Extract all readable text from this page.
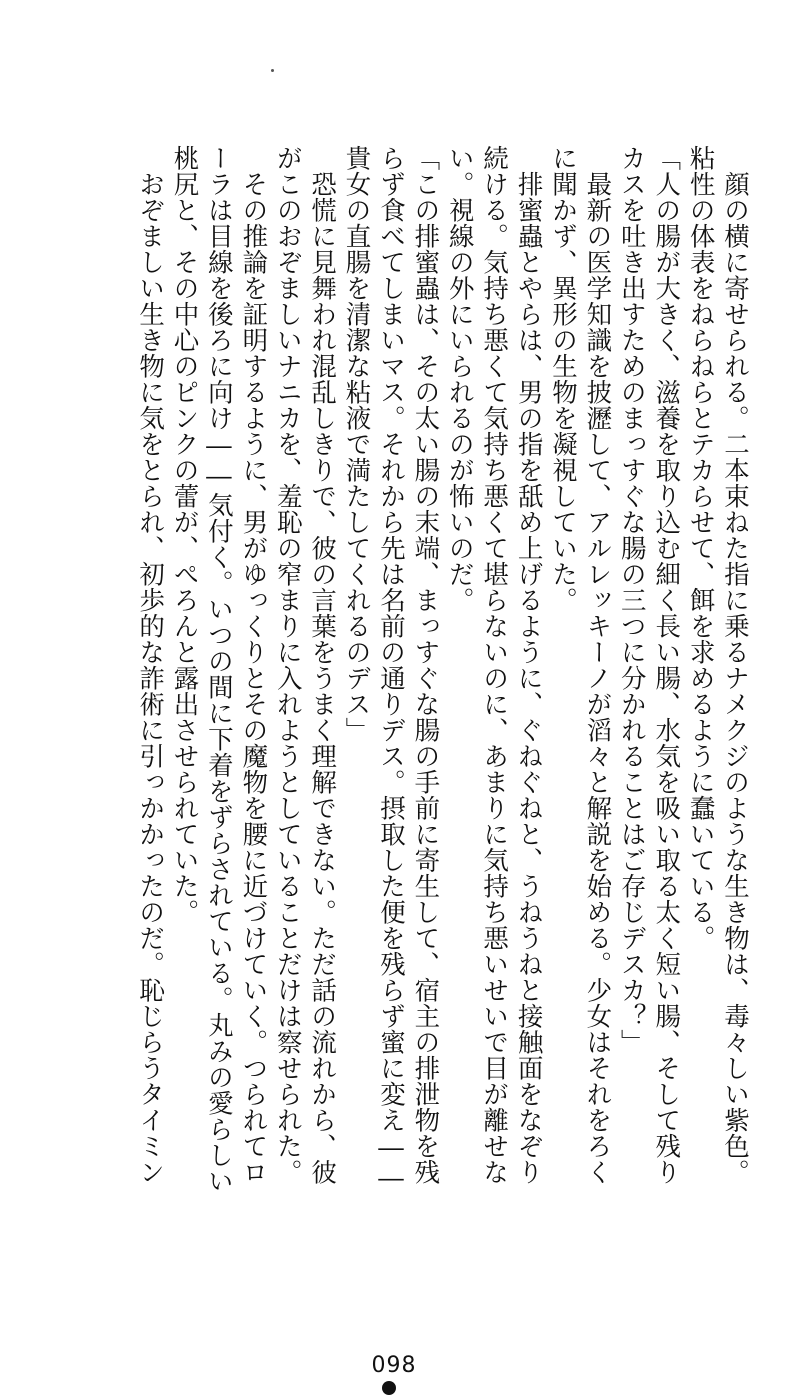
　顔の横に寄せられる。二本束ねた指に乗るナメクジのような生き物は、毒々しい紫色。
粘性の体表をねらねらとテカらせて、餌を求めるように蠢いている。
「人の腸が大きく、滋養を取り込む細く長い腸、水気を吸い取る太く短い腸、そして残り
カスを吐き出すためのまっすぐな腸の三つに分かれることはご存じデスカ？」
　最新の医学知識を披瀝して、アルレッキーノが滔々と解説を始める。少女はそれをろく
に聞かず、異形の生物を凝視していた。
　排蜜蟲とやらは、男の指を舐め上げるように、ぐねぐねと、うねうねと接触面をなぞり
続ける。気持ち悪くて気持ち悪くて堪らないのに、あまりに気持ち悪いせいで目が離せな
い。視線の外にいられるのが怖いのだ。
「この排蜜蟲は、その太い腸の末端、まっすぐな腸の手前に寄生して、宿主の排泄物を残
らず食べてしまいマス。それから先は名前の通りデス。摂取した便を残らず蜜に変え――
貴女の直腸を清潔な粘液で満たしてくれるのデス」
　恐慌に見舞われ混乱しきりで、彼の言葉をうまく理解できない。ただ話の流れから、彼
がこのおぞましいナニカを、羞恥の窄まりに入れようとしていることだけは察せられた。
　その推論を証明するように、男がゆっくりとその魔物を腰に近づけていく。つられてロ
ーラは目線を後ろに向け――気付く。いつの間に下着をずらされている。丸みの愛らしい
桃尻と、その中心のピンクの蕾が、ぺろんと露出させられていた。
　おぞましい生き物に気をとられ、初歩的な詐術に引っかかったのだ。恥じらうタイミン
098
